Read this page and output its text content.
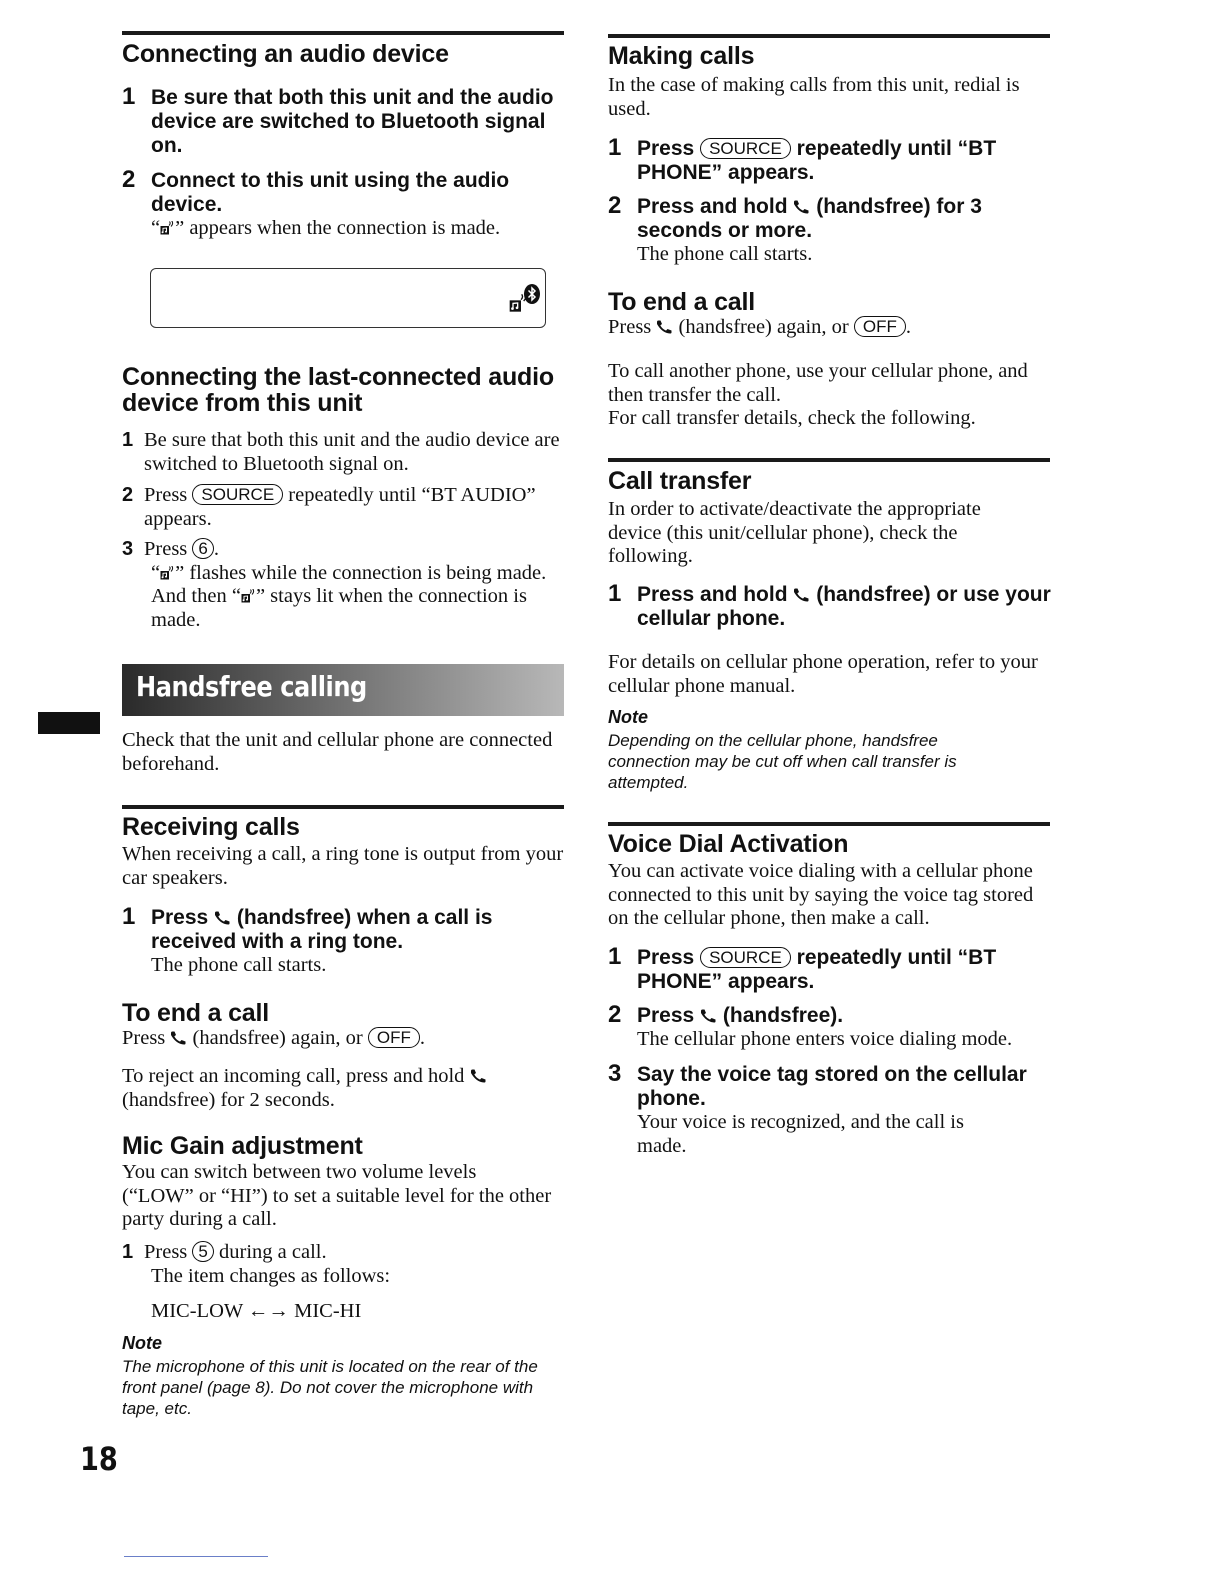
Connecting an audio device
1 Be sure that both this unit and the audio device are switched to Bluetooth signal on.
2 Connect to this unit using the audio device.
“ ” appears when the connection is made.
Connecting the last-connected audio device from this unit
1 Be sure that both this unit and the audio device are switched to Bluetooth signal on.
2 Press SOURCE repeatedly until “BT AUDIO” appears.
3 Press 6 .
“ ” flashes while the connection is being made. And then “ ” stays lit when the connection is made.
Handsfree calling

Check that the unit and cellular phone are connected beforehand.

Receiving calls

When receiving a call, a ring tone is output from your car speakers.

1 Press (handsfree) when a call is received with a ring tone.
The phone call starts.
To end a call

Press (handsfree) again, or OFF .

To reject an incoming call, press and hold  (handsfree) for 2 seconds.

Mic Gain adjustment

You can switch between two volume levels (“LOW” or “HI”) to set a suitable level for the other party during a call.

1 Press 5 during a call.
The item changes as follows:

MIC-LOW ←→ MIC-HI

Note

The microphone of this unit is located on the rear of the front panel (page 8). Do not cover the microphone with tape, etc.

Making calls

In the case of making calls from this unit, redial is used.

1 Press SOURCE repeatedly until “BT PHONE” appears.
2 Press and hold (handsfree) for 3 seconds or more.
The phone call starts.
To end a call

Press (handsfree) again, or OFF .

To call another phone, use your cellular phone, and then transfer the call.

For call transfer details, check the following.

Call transfer

In order to activate/deactivate the appropriate device (this unit/cellular phone), check the following.

1 Press and hold (handsfree) or use your cellular phone.

For details on cellular phone operation, refer to your cellular phone manual.

Note

Depending on the cellular phone, handsfree connection may be cut off when call transfer is attempted.

Voice Dial Activation

You can activate voice dialing with a cellular phone connected to this unit by saying the voice tag stored on the cellular phone, then make a call.

1 Press SOURCE repeatedly until “BT PHONE” appears.
2 Press (handsfree).
The cellular phone enters voice dialing mode.
3 Say the voice tag stored on the cellular phone.
Your voice is recognized, and the call is made.
18
